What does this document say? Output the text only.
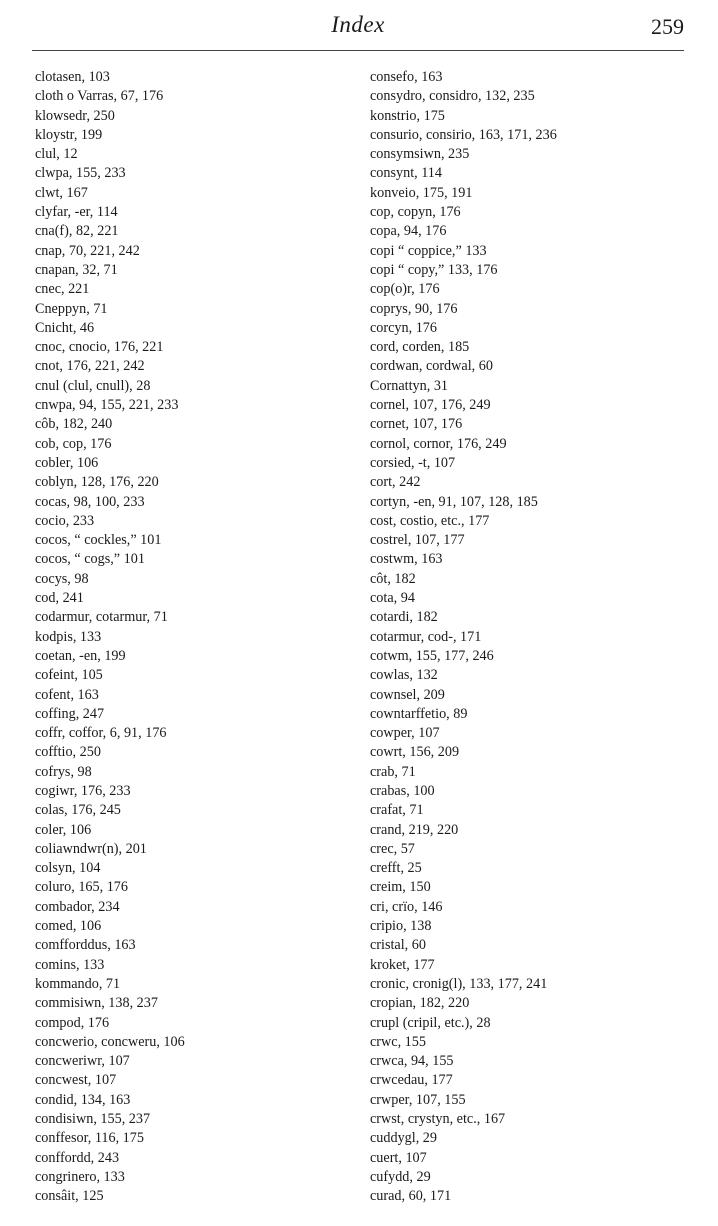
Index	259
clotasen, 103
cloth o Varras, 67, 176
klowsedr, 250
kloystr, 199
clul, 12
clwpa, 155, 233
clwt, 167
clyfar, -er, 114
cna(f), 82, 221
cnap, 70, 221, 242
cnapan, 32, 71
cnec, 221
Cneppyn, 71
Cnicht, 46
cnoc, cnocio, 176, 221
cnot, 176, 221, 242
cnul (clul, cnull), 28
cnwpa, 94, 155, 221, 233
côb, 182, 240
cob, cop, 176
cobler, 106
coblyn, 128, 176, 220
cocas, 98, 100, 233
cocio, 233
cocos, “ cockles,” 101
cocos, “ cogs,” 101
cocys, 98
cod, 241
codarmur, cotarmur, 71
kodpis, 133
coetan, -en, 199
cofeint, 105
cofent, 163
coffing, 247
coffr, coffor, 6, 91, 176
cofftio, 250
cofrys, 98
cogiwr, 176, 233
colas, 176, 245
coler, 106
coliawndwr(n), 201
colsyn, 104
coluro, 165, 176
combador, 234
comed, 106
comfforddus, 163
comins, 133
kommando, 71
commisiwn, 138, 237
compod, 176
concwerio, concweru, 106
concweriwr, 107
concwest, 107
condid, 134, 163
condisiwn, 155, 237
conffesor, 116, 175
conffordd, 243
congrinero, 133
consâit, 125
consefo, 163
consydro, considro, 132, 235
konstrio, 175
consurio, consirio, 163, 171, 236
consymsiwn, 235
consynt, 114
konveio, 175, 191
cop, copyn, 176
copa, 94, 176
copi “ coppice,” 133
copi “ copy,” 133, 176
cop(o)r, 176
coprys, 90, 176
corcyn, 176
cord, corden, 185
cordwan, cordwal, 60
Cornattyn, 31
cornel, 107, 176, 249
cornet, 107, 176
cornol, cornor, 176, 249
corsied, -t, 107
cort, 242
cortyn, -en, 91, 107, 128, 185
cost, costio, etc., 177
costrel, 107, 177
costwm, 163
côt, 182
cota, 94
cotardi, 182
cotarmur, cod-, 171
cotwm, 155, 177, 246
cowlas, 132
cownsel, 209
cowntarffetio, 89
cowper, 107
cowrt, 156, 209
crab, 71
crabas, 100
crafat, 71
crand, 219, 220
crec, 57
crefft, 25
creim, 150
cri, crïo, 146
cripio, 138
cristal, 60
kroket, 177
cronic, cronig(l), 133, 177, 241
cropian, 182, 220
crupl (cripil, etc.), 28
crwc, 155
crwca, 94, 155
crwcedau, 177
crwper, 107, 155
crwst, crystyn, etc., 167
cuddygl, 29
cuert, 107
cufydd, 29
curad, 60, 171
